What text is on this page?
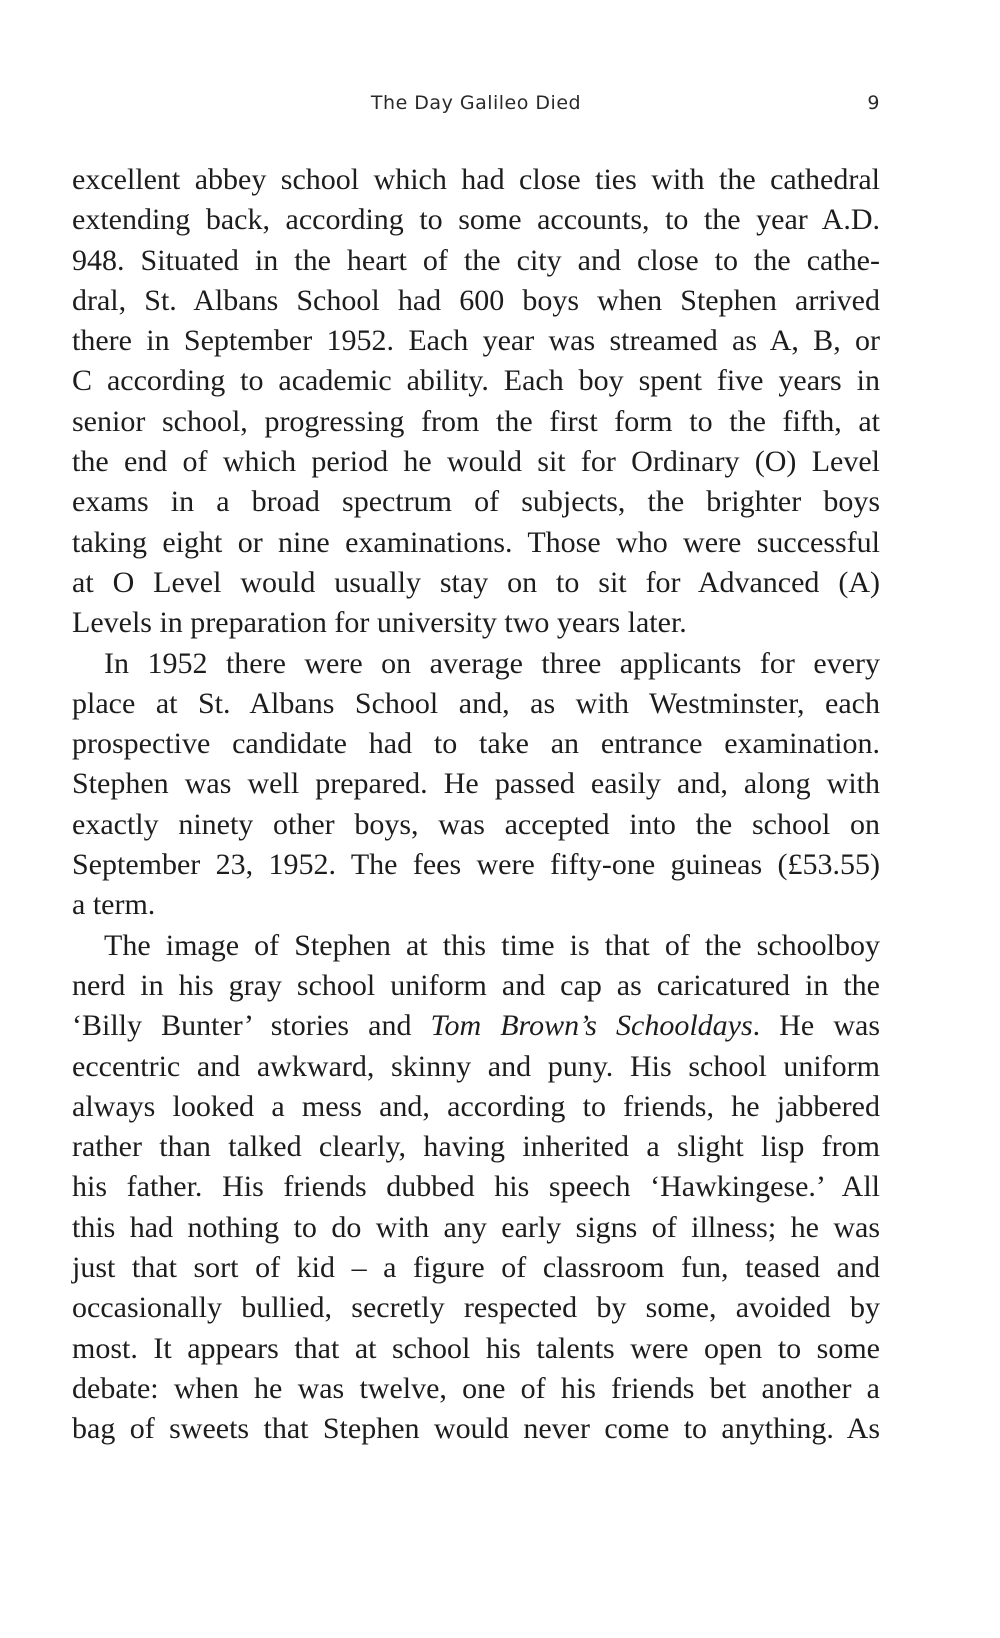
The Day Galileo Died	9

excellent abbey school which had close ties with the cathedral
extending back, according to some accounts, to the year A.D.
948. Situated in the heart of the city and close to the cathe-
dral, St. Albans School had 600 boys when Stephen arrived
there in September 1952. Each year was streamed as A, B, or
C according to academic ability. Each boy spent five years in
senior school, progressing from the first form to the fifth, at
the end of which period he would sit for Ordinary (O) Level
exams in a broad spectrum of subjects, the brighter boys
taking eight or nine examinations. Those who were successful
at O Level would usually stay on to sit for Advanced (A)
Levels in preparation for university two years later.

In 1952 there were on average three applicants for every
place at St. Albans School and, as with Westminster, each
prospective candidate had to take an entrance examination.
Stephen was well prepared. He passed easily and, along with
exactly ninety other boys, was accepted into the school on
September 23, 1952. The fees were fifty-one guineas (£53.55)
a term.

The image of Stephen at this time is that of the schoolboy
nerd in his gray school uniform and cap as caricatured in the
‘Billy Bunter’ stories and Tom Brown’s Schooldays. He was
eccentric and awkward, skinny and puny. His school uniform
always looked a mess and, according to friends, he jabbered
rather than talked clearly, having inherited a slight lisp from
his father. His friends dubbed his speech ‘Hawkingese.’ All
this had nothing to do with any early signs of illness; he was
just that sort of kid – a figure of classroom fun, teased and
occasionally bullied, secretly respected by some, avoided by
most. It appears that at school his talents were open to some
debate: when he was twelve, one of his friends bet another a
bag of sweets that Stephen would never come to anything. As
